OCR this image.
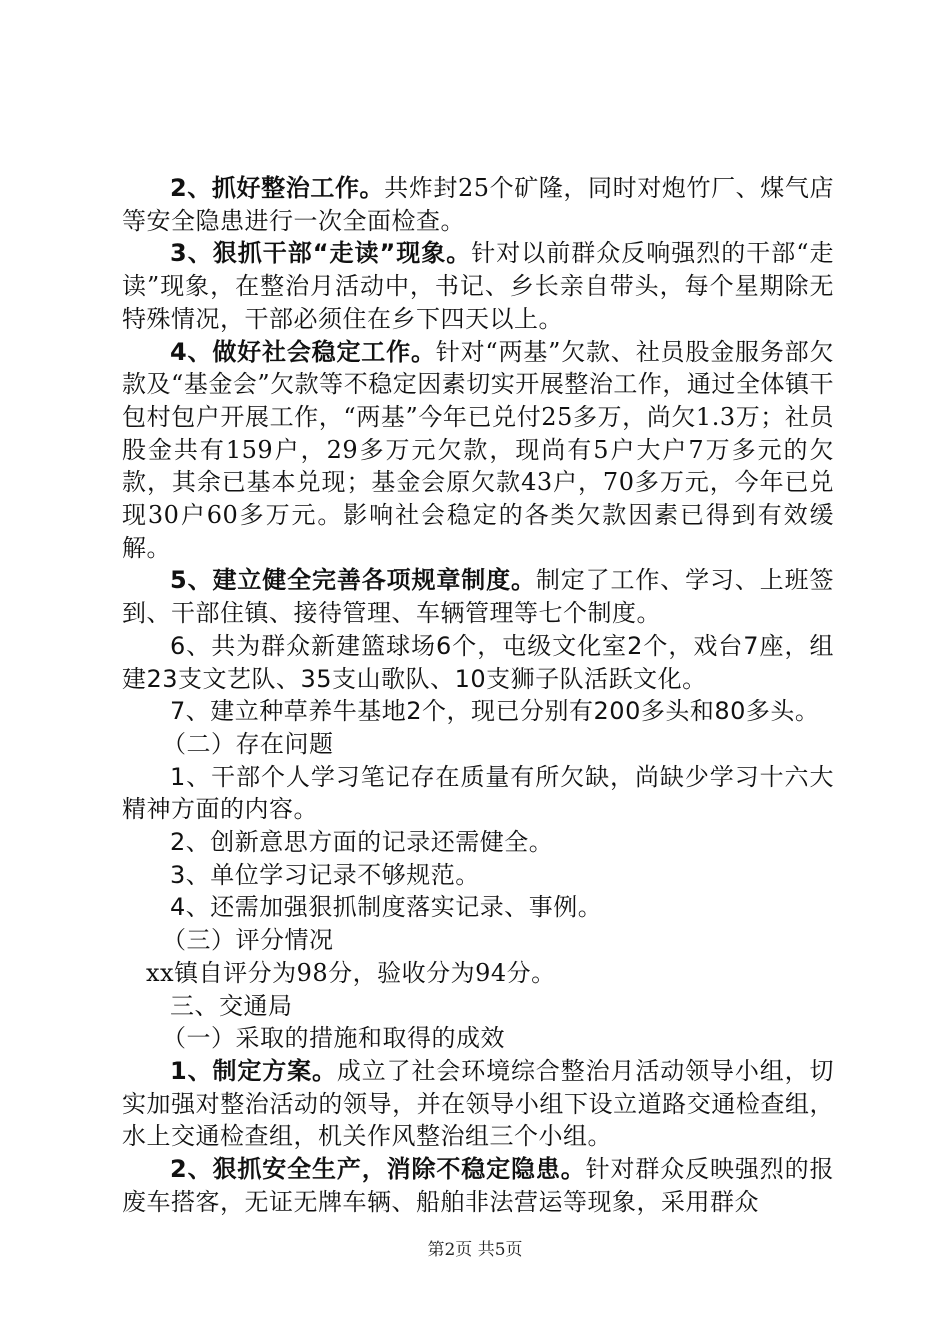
2、抓好整治工作。共炸封25个矿隆，同时对炮竹厂、煤气店等安全隐患进行一次全面检查。

3、狠抓干部“走读”现象。针对以前群众反响强烈的干部“走读”现象，在整治月活动中，书记、乡长亲自带头，每个星期除无特殊情况，干部必须住在乡下四天以上。

4、做好社会稳定工作。针对“两基”欠款、社员股金服务部欠款及“基金会”欠款等不稳定因素切实开展整治工作，通过全体镇干包村包户开展工作，“两基”今年已兑付25多万，尚欠1.3万；社员股金共有159户，29多万元欠款，现尚有5户大户7万多元的欠款，其余已基本兑现；基金会原欠款43户，70多万元，今年已兑现30户60多万元。影响社会稳定的各类欠款因素已得到有效缓解。

5、建立健全完善各项规章制度。制定了工作、学习、上班签到、干部住镇、接待管理、车辆管理等七个制度。

6、共为群众新建篮球场6个，屯级文化室2个，戏台7座，组建23支文艺队、35支山歌队、10支狮子队活跃文化。

7、建立种草养牛基地2个，现已分别有200多头和80多头。

（二）存在问题

1、干部个人学习笔记存在质量有所欠缺，尚缺少学习十六大精神方面的内容。

2、创新意思方面的记录还需健全。

3、单位学习记录不够规范。

4、还需加强狠抓制度落实记录、事例。

（三）评分情况

xx镇自评分为98分，验收分为94分。

三、交通局

（一）采取的措施和取得的成效

1、制定方案。成立了社会环境综合整治月活动领导小组，切实加强对整治活动的领导，并在领导小组下设立道路交通检查组，水上交通检查组，机关作风整治组三个小组。

2、狠抓安全生产，消除不稳定隐患。针对群众反映强烈的报废车搭客，无证无牌车辆、船舶非法营运等现象，采用群众

第2页 共5页
